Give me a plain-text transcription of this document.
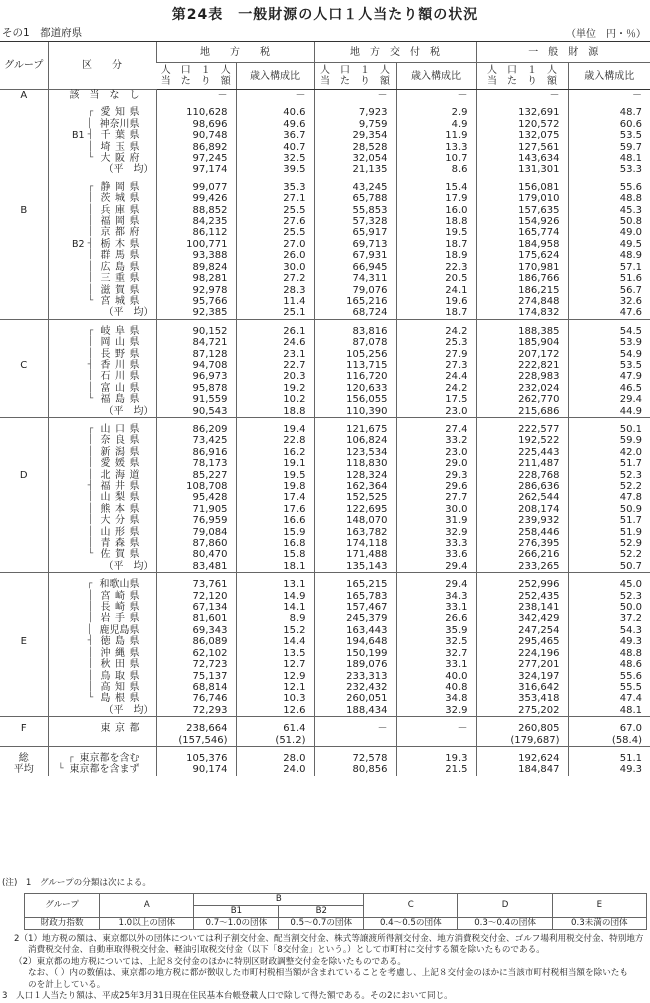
第24表　一般財源の人口１人当たり額の状況
その1　都道府県	（単位　円・％）
グループ	区　　分	地　　方　　税		地　方　交　付　税		一　般　財　源	
		人　口　１　人
当　た　り　額	歳入構成比	人　口　１　人
当　た　り　額	歳入構成比	人　口　１　人
当　た　り　額	歳入構成比
A	該　当　な　し	－	－	－	－	－	－

	┌ 愛知県	110,628	40.6	7,923	2.9	132,691	48.7

	│ 神奈川県	98,696	49.6	9,759	4.9	120,572	60.6

	B1 ┤ 千葉県	90,748	36.7	29,354	11.9	132,075	53.5

	│ 埼玉県	86,892	40.7	28,528	13.3	127,561	59.7

	└ 大阪府	97,245	32.5	32,054	10.7	143,634	48.1

	（平　均）	97,174	39.5	21,135	8.6	131,301	53.3

	┌ 静岡県	99,077	35.3	43,245	15.4	156,081	55.6

	│ 茨城県	99,426	27.1	65,788	17.9	179,010	48.8
B	│ 兵庫県	88,852	25.5	55,853	16.0	157,635	45.3

	│ 福岡県	84,235	27.6	57,328	18.8	154,926	50.8

	│ 京都府	86,112	25.5	65,917	19.5	165,774	49.0

	B2 ┤ 栃木県	100,771	27.0	69,713	18.7	184,958	49.5

	│ 群馬県	93,388	26.0	67,931	18.9	175,624	48.9

	│ 広島県	89,824	30.0	66,945	22.3	170,981	57.1

	│ 三重県	98,281	27.2	74,311	20.5	186,766	51.6

	│ 滋賀県	92,978	28.3	79,076	24.1	186,215	56.7

	└ 宮城県	95,766	11.4	165,216	19.6	274,848	32.6

	（平　均）	92,385	25.1	68,724	18.7	174,832	47.6

	┌ 岐阜県	90,152	26.1	83,816	24.2	188,385	54.5

	│ 岡山県	84,721	24.6	87,078	25.3	185,904	53.9

	│ 長野県	87,128	23.1	105,256	27.9	207,172	54.9
C	┤ 香川県	94,708	22.7	113,715	27.3	222,821	53.5

	│ 石川県	96,973	20.3	116,720	24.4	228,983	47.9

	│ 富山県	95,878	19.2	120,633	24.2	232,024	46.5

	└ 福島県	91,559	10.2	156,055	17.5	262,770	29.4

	（平　均）	90,543	18.8	110,390	23.0	215,686	44.9

	┌ 山口県	86,209	19.4	121,675	27.4	222,577	50.1

	│ 奈良県	73,425	22.8	106,824	33.2	192,522	59.9

	│ 新潟県	86,916	16.2	123,534	23.0	225,443	42.0

	│ 愛媛県	78,173	19.1	118,830	29.0	211,487	51.7
D	│ 北海道	85,227	19.5	128,324	29.3	228,768	52.3

	┤ 福井県	108,708	19.8	162,364	29.6	286,636	52.2

	│ 山梨県	95,428	17.4	152,525	27.7	262,544	47.8

	│ 熊本県	71,905	17.6	122,695	30.0	208,174	50.9

	│ 大分県	76,959	16.6	148,070	31.9	239,932	51.7

	│ 山形県	79,084	15.9	163,782	32.9	258,446	51.9

	│ 青森県	87,860	16.8	174,118	33.3	276,395	52.9

	└ 佐賀県	80,470	15.8	171,488	33.6	266,216	52.2

	（平　均）	83,481	18.1	135,143	29.4	233,265	50.7

	┌ 和歌山県	73,761	13.1	165,215	29.4	252,996	45.0

	│ 宮崎県	72,120	14.9	165,783	34.3	252,435	52.3

	│ 長崎県	67,134	14.1	157,467	33.1	238,141	50.0

	│ 岩手県	81,601	8.9	245,379	26.6	342,429	37.2

	│ 鹿児島県	69,343	15.2	163,443	35.9	247,254	54.3
E	┤ 徳島県	86,089	14.4	194,648	32.5	295,465	49.3

	│ 沖縄県	62,102	13.5	150,199	32.7	224,196	48.8

	│ 秋田県	72,723	12.7	189,076	33.1	277,201	48.6

	│ 鳥取県	75,137	12.9	233,313	40.0	324,197	55.6

	│ 高知県	68,814	12.1	232,432	40.8	316,642	55.5

	└ 島根県	76,746	10.3	260,051	34.8	353,418	47.4

	（平　均）	72,293	12.6	188,434	32.9	275,202	48.1

F	東京都	238,664	61.4	－	－	260,805	67.0

	(157,546)	(51.2)			(179,687)	(58.4)

総	┌ 東京都を含む	105,376	28.0	72,578	19.3	192,624	51.1
平均	└ 東京都を含まず	90,174	24.0	80,856	21.5	184,847	49.3
(注)　1　グループの分類は次による。
グループ	A	B		C	D	E
		B1	B2			
財政力指数	1.0以上の団体	0.7～1.0の団体	0.5～0.7の団体	0.4～0.5の団体	0.3～0.4の団体	0.3未満の団体
2（1）地方税の額は、東京都以外の団体については利子割交付金、配当割交付金、株式等譲渡所得割交付金、地方消費税交付金、ゴルフ場利用税交付金、特別地方
消費税交付金、自動車取得税交付金、軽油引取税交付金（以下「8交付金」という。）として市町村に交付する額を除いたものである。
（2）東京都の地方税については、上記８交付金のほかに特別区財政調整交付金を除いたものである。
なお、（ ）内の数値は、東京都の地方税に都が徴収した市町村税相当額が含まれていることを考慮し、上記８交付金のほかに当該市町村税相当額を除いたも
のを計上している。
3　人口１人当たり額は、平成25年3月31日現在住民基本台帳登載人口で除して得た額である。その2において同じ。
